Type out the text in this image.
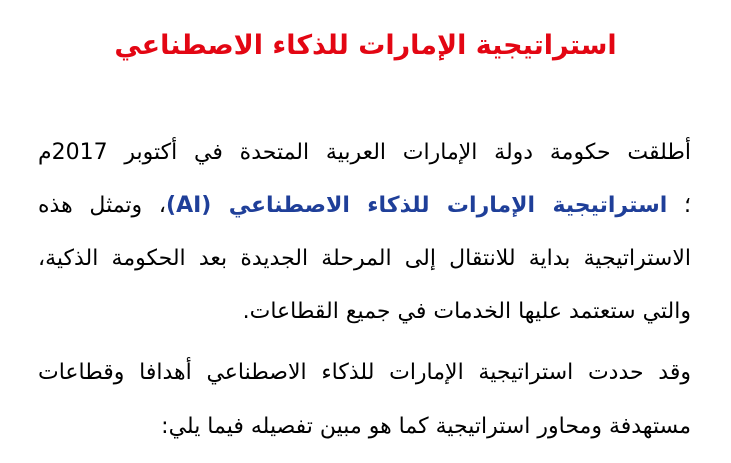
استراتيجية الإمارات للذكاء الاصطناعي
أطلقت حكومة دولة الإمارات العربية المتحدة في أكتوبر 2017م
؛ استراتيجية الإمارات للذكاء الاصطناعي (AI)، وتمثل هذه
الاستراتيجية بداية للانتقال إلى المرحلة الجديدة بعد الحكومة الذكية،
والتي ستعتمد عليها الخدمات في جميع القطاعات.
وقد حددت استراتيجية الإمارات للذكاء الاصطناعي أهدافا وقطاعات
مستهدفة ومحاور استراتيجية كما هو مبين تفصيله فيما يلي:
